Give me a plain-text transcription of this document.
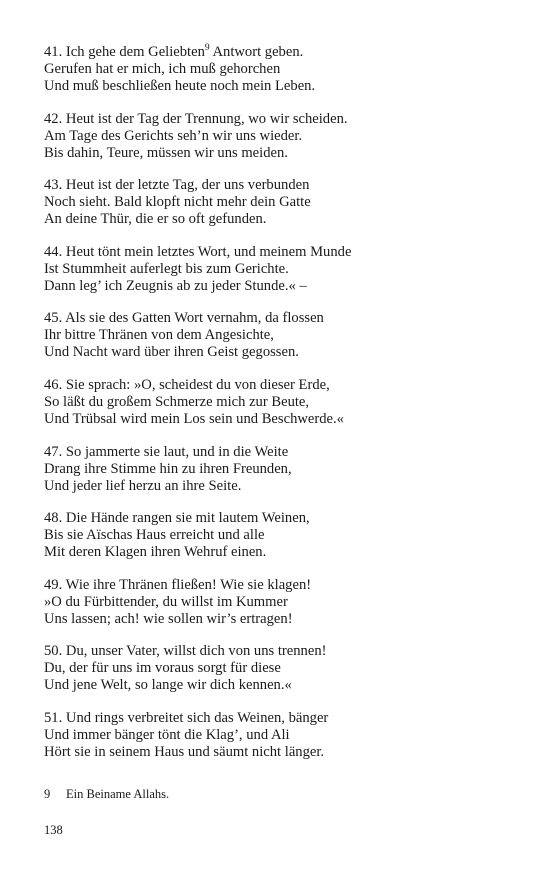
41. Ich gehe dem Geliebten$^9$ Antwort geben.
Gerufen hat er mich, ich muß gehorchen
Und muß beschließen heute noch mein Leben.
42. Heut ist der Tag der Trennung, wo wir scheiden.
Am Tage des Gerichts seh’n wir uns wieder.
Bis dahin, Teure, müssen wir uns meiden.
43. Heut ist der letzte Tag, der uns verbunden
Noch sieht. Bald klopft nicht mehr dein Gatte
An deine Thür, die er so oft gefunden.
44. Heut tönt mein letztes Wort, und meinem Munde
Ist Stummheit auferlegt bis zum Gerichte.
Dann leg’ ich Zeugnis ab zu jeder Stunde.« –
45. Als sie des Gatten Wort vernahm, da flossen
Ihr bittre Thränen von dem Angesichte,
Und Nacht ward über ihren Geist gegossen.
46. Sie sprach: »O, scheidest du von dieser Erde,
So läßt du großem Schmerze mich zur Beute,
Und Trübsal wird mein Los sein und Beschwerde.«
47. So jammerte sie laut, und in die Weite
Drang ihre Stimme hin zu ihren Freunden,
Und jeder lief herzu an ihre Seite.
48. Die Hände rangen sie mit lautem Weinen,
Bis sie Aïschas Haus erreicht und alle
Mit deren Klagen ihren Wehruf einen.
49. Wie ihre Thränen fließen! Wie sie klagen!
»O du Fürbittender, du willst im Kummer
Uns lassen; ach! wie sollen wir’s ertragen!
50. Du, unser Vater, willst dich von uns trennen!
Du, der für uns im voraus sorgt für diese
Und jene Welt, so lange wir dich kennen.«
51. Und rings verbreitet sich das Weinen, bänger
Und immer bänger tönt die Klag’, und Ali
Hört sie in seinem Haus und säumt nicht länger.
9 Ein Beiname Allahs.
138
